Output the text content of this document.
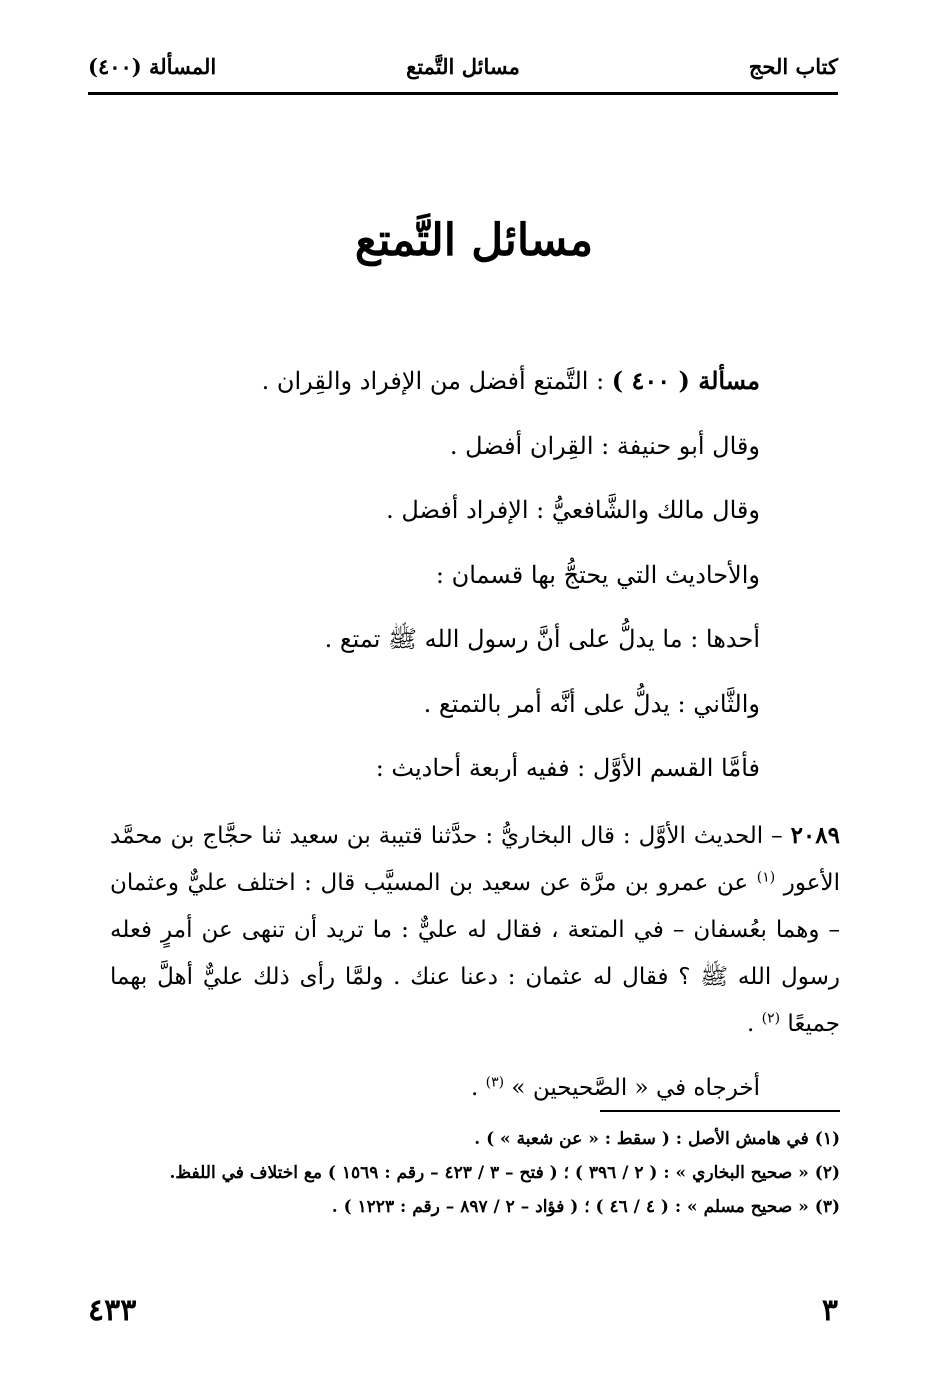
كتاب الحج
مسائل التَّمتع
المسألة (٤٠٠)
مسائل التَّمتع
مسألة ( ٤٠٠ ) : التَّمتع أفضل من الإفراد والقِران .
وقال أبو حنيفة : القِران أفضل .
وقال مالك والشَّافعيُّ : الإفراد أفضل .
والأحاديث التي يحتجُّ بها قسمان :
أحدها : ما يدلُّ على أنَّ رسول الله ﷺ تمتع .
والثَّاني : يدلُّ على أنَّه أمر بالتمتع .
فأمَّا القسم الأوَّل : ففيه أربعة أحاديث :
٢٠٨٩ – الحديث الأوَّل : قال البخاريُّ : حدَّثنا قتيبة بن سعيد ثنا حجَّاج بن محمَّد الأعور $^{(١)}$ عن عمرو بن مرَّة عن سعيد بن المسيَّب قال : اختلف عليٌّ وعثمان – وهما بعُسفان – في المتعة ، فقال له عليٌّ : ما تريد أن تنهى عن أمرٍ فعله رسول الله ﷺ ؟ فقال له عثمان : دعنا عنك . ولمَّا رأى ذلك عليٌّ أهلَّ بهما جميعًا $^{(٢)}$ .
أخرجاه في « الصَّحيحين » $^{(٣)}$ .
(١)في هامش الأصل : ( سقط : « عن شعبة » ) .
(٢)« صحيح البخاري » : ( ٢ / ٣٩٦ ) ؛ ( فتح – ٣ / ٤٢٣ – رقم : ١٥٦٩ ) مع اختلاف في اللفظ.
(٣)« صحيح مسلم » : ( ٤ / ٤٦ ) ؛ ( فؤاد – ٢ / ٨٩٧ – رقم : ١٢٢٣ ) .
٣
٤٣٣
